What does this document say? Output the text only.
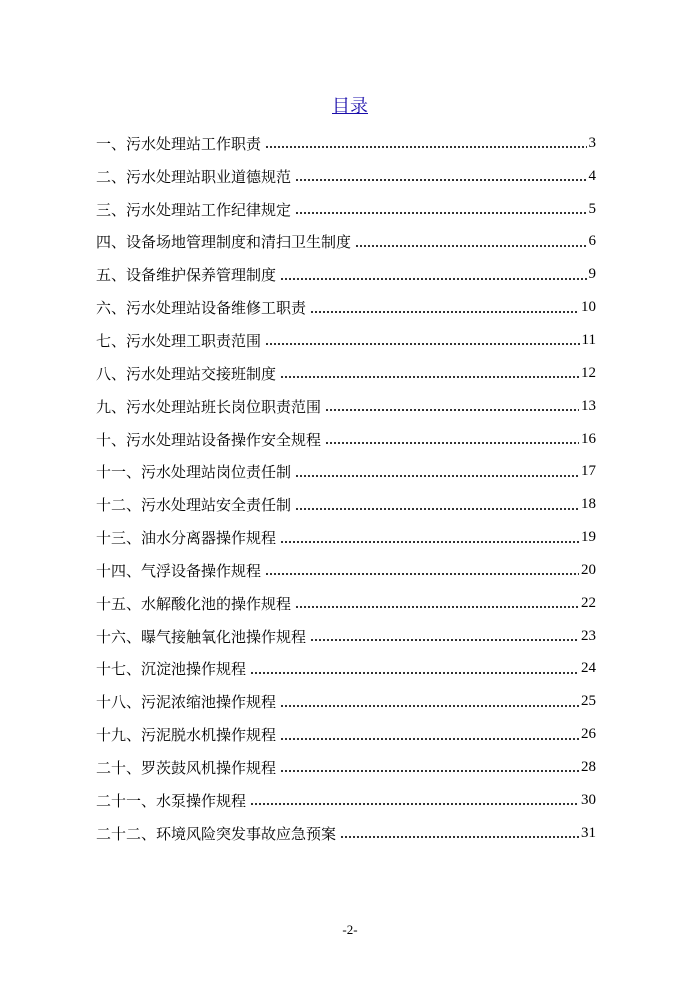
目录
一、污水处理站工作职责	3
二、污水处理站职业道德规范	4
三、污水处理站工作纪律规定	5
四、设备场地管理制度和清扫卫生制度	6
五、设备维护保养管理制度	9
六、污水处理站设备维修工职责	10
七、污水处理工职责范围	11
八、污水处理站交接班制度	12
九、污水处理站班长岗位职责范围	13
十、污水处理站设备操作安全规程	16
十一、污水处理站岗位责任制	17
十二、污水处理站安全责任制	18
十三、油水分离器操作规程	19
十四、气浮设备操作规程	20
十五、水解酸化池的操作规程	22
十六、曝气接触氧化池操作规程	23
十七、沉淀池操作规程	24
十八、污泥浓缩池操作规程	25
十九、污泥脱水机操作规程	26
二十、罗茨鼓风机操作规程	28
二十一、水泵操作规程	30
二十二、环境风险突发事故应急预案	31
-2-
